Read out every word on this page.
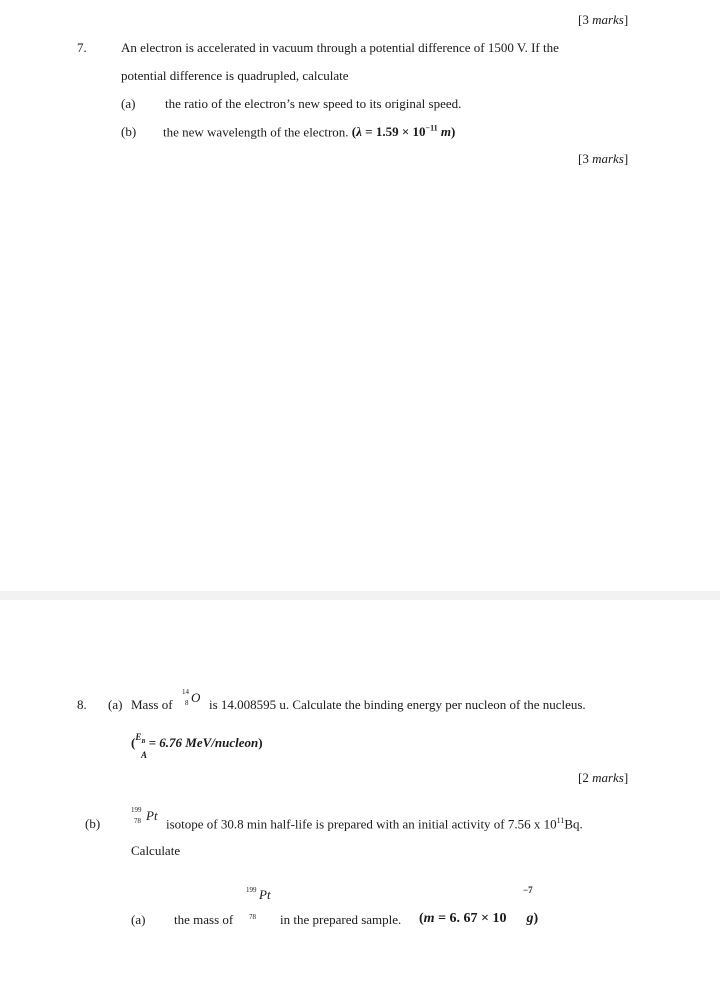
[3 marks]
7.	An electron is accelerated in vacuum through a potential difference of 1500 V. If the
potential difference is quadrupled, calculate
(a) the ratio of the electron’s new speed to its original speed.
(b) the new wavelength of the electron. ($\lambda = 1.59 \times 10^{-11}$ m)
[3 marks]
8. (a) Mass of
14
8 O is 14.008595 u. Calculate the binding energy per nucleon of the nucleus.
($^{E_B}$ = 6.76 MeV/nucleon)
A
[2 marks]
(b)
199
78 Pt
isotope of 30.8 min half-life is prepared with an initial activity of 7.56 x $10^{11}Bq$.
Calculate
199 Pt	−7
(a) the mass of 78 in the prepared sample. (m = 6. 67 × 10 g)
